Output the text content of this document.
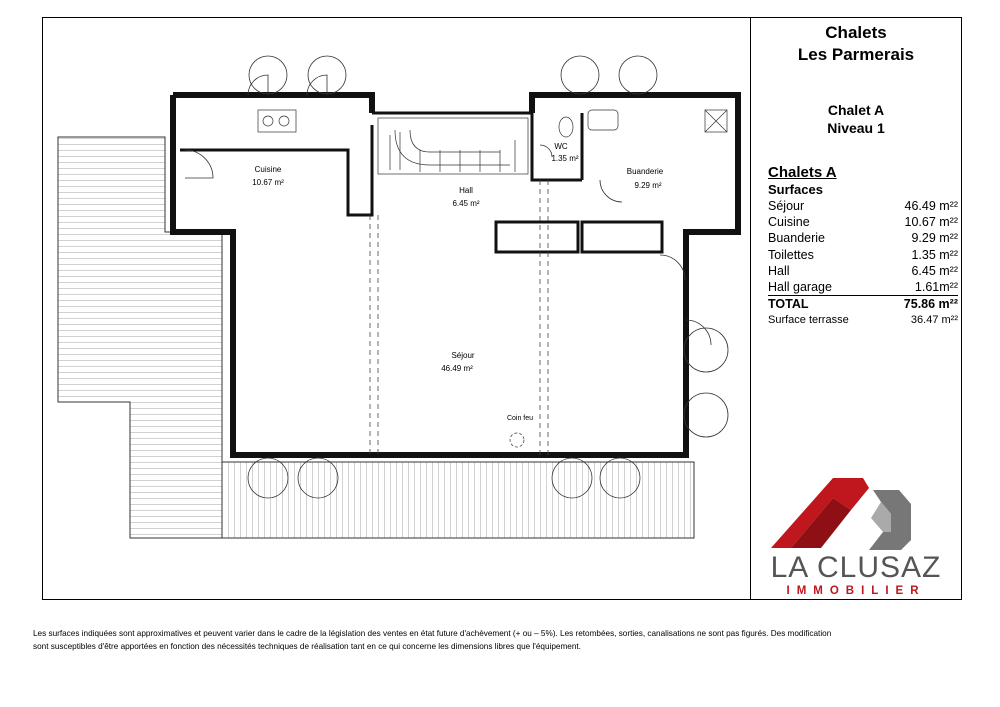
Cuisine
10.67 m²
Hall
6.45 m²
WC
1.35 m²
Buanderie
9.29 m²
Séjour
46.49 m²
Coin feu
Chalets
Les Parmerais
Chalet A
Niveau 1
Chalets A
Surfaces
Séjour	46.49 m²²
Cuisine	10.67 m²²
Buanderie	9.29 m²²
Toilettes	1.35 m²²
Hall	6.45 m²²
Hall garage	1.61m²²
TOTAL	75.86 m²²
Surface terrasse	36.47 m²²
LA CLUSAZ
IMMOBILIER
Les surfaces indiquées sont approximatives et peuvent varier dans le cadre de la législation des ventes en état future d'achèvement (+ ou – 5%). Les retombées, sorties, canalisations ne sont pas figurés. Des modification
sont susceptibles d'être apportées en fonction des nécessités techniques de réalisation tant en ce qui concerne les dimensions libres que l'équipement.
